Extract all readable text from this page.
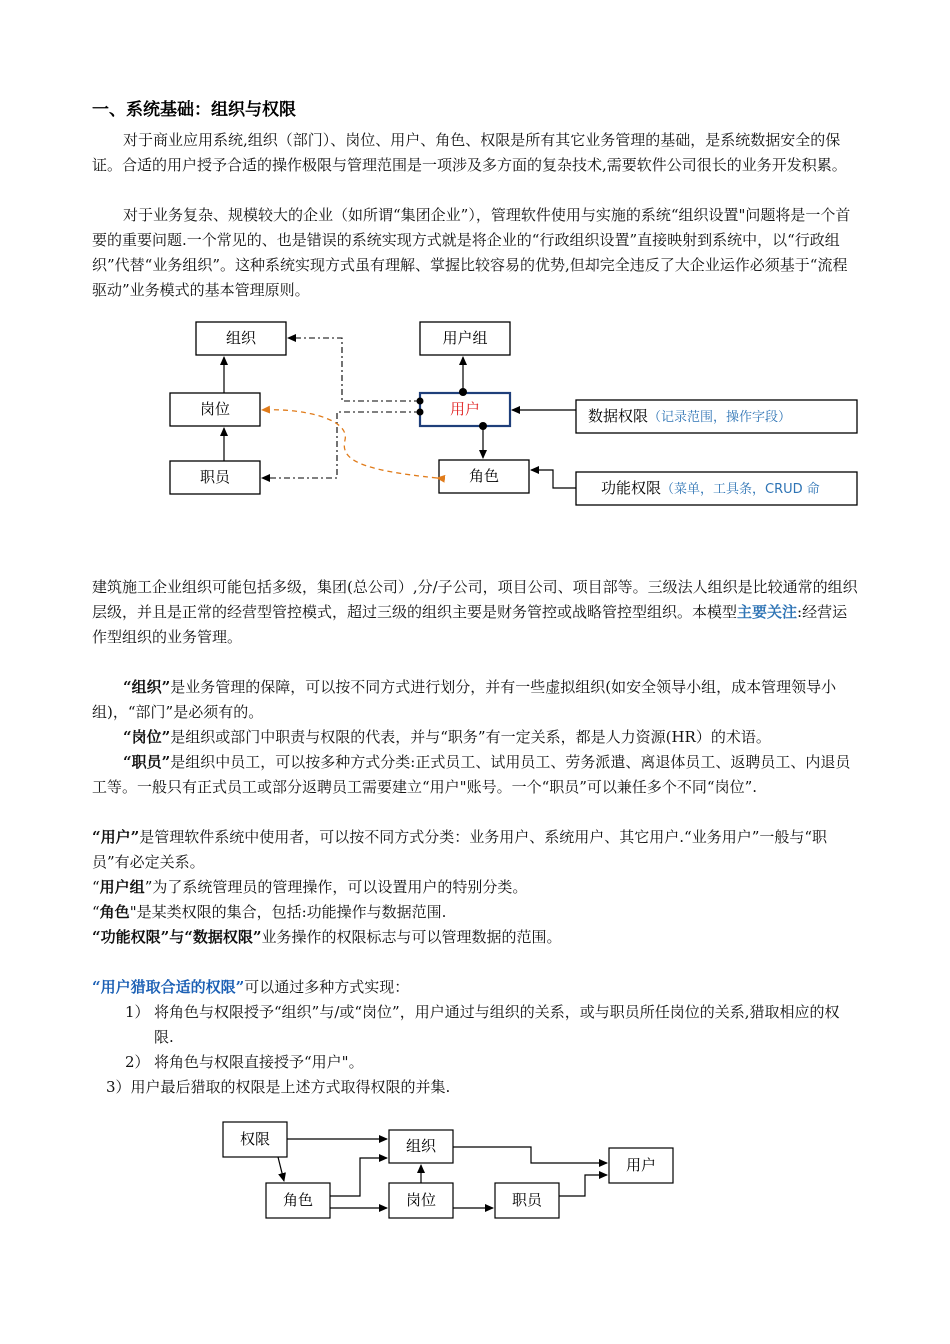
一、系统基础：组织与权限

对于商业应用系统,组织（部门）、岗位、用户、角色、权限是所有其它业务管理的基础，是系统数据安全的保证。合适的用户授予合适的操作极限与管理范围是一项涉及多方面的复杂技术,需要软件公司很长的业务开发积累。

对于业务复杂、规模较大的企业（如所谓“集团企业”），管理软件使用与实施的系统“组织设置"问题将是一个首要的重要问题.一个常见的、也是错误的系统实现方式就是将企业的“行政组织设置”直接映射到系统中，以“行政组织”代替“业务组织”。这种系统实现方式虽有理解、掌握比较容易的优势,但却完全违反了大企业运作必须基于“流程驱动”业务模式的基本管理原则。

组织
岗位
职员
用户组
用户
角色
数据权限（记录范围，操作字段）
功能权限（菜单，工具条，CRUD 命

建筑施工企业组织可能包括多级，集团(总公司）,分/子公司，项目公司、项目部等。三级法人组织是比较通常的组织层级，并且是正常的经营型管控模式，超过三级的组织主要是财务管控或战略管控型组织。本模型主要关注:经营运作型组织的业务管理。

“组织”是业务管理的保障，可以按不同方式进行划分，并有一些虚拟组织(如安全领导小组，成本管理领导小组)，“部门”是必须有的。

“岗位”是组织或部门中职责与权限的代表，并与“职务”有一定关系，都是人力资源(HR）的术语。

“职员”是组织中员工，可以按多种方式分类:正式员工、试用员工、劳务派遣、离退体员工、返聘员工、内退员工等。一般只有正式员工或部分返聘员工需要建立“用户"账号。一个“职员”可以兼任多个不同“岗位”.

“用户”是管理软件系统中使用者，可以按不同方式分类：业务用户、系统用户、其它用户.“业务用户”一般与“职员”有必定关系。

“用户组”为了系统管理员的管理操作，可以设置用户的特别分类。
“角色"是某类权限的集合，包括:功能操作与数据范围.
“功能权限”与“数据权限”业务操作的权限标志与可以管理数据的范围。
“用户猎取合适的权限”可以通过多种方式实现：
1） 将角色与权限授予“组织”与/或“岗位”，用户通过与组织的关系，或与职员所任岗位的关系,猎取相应的权限.
2） 将角色与权限直接授予“用户"。
3）用户最后猎取的权限是上述方式取得权限的并集.
权限	组织
用户
角色	岗位	职员
